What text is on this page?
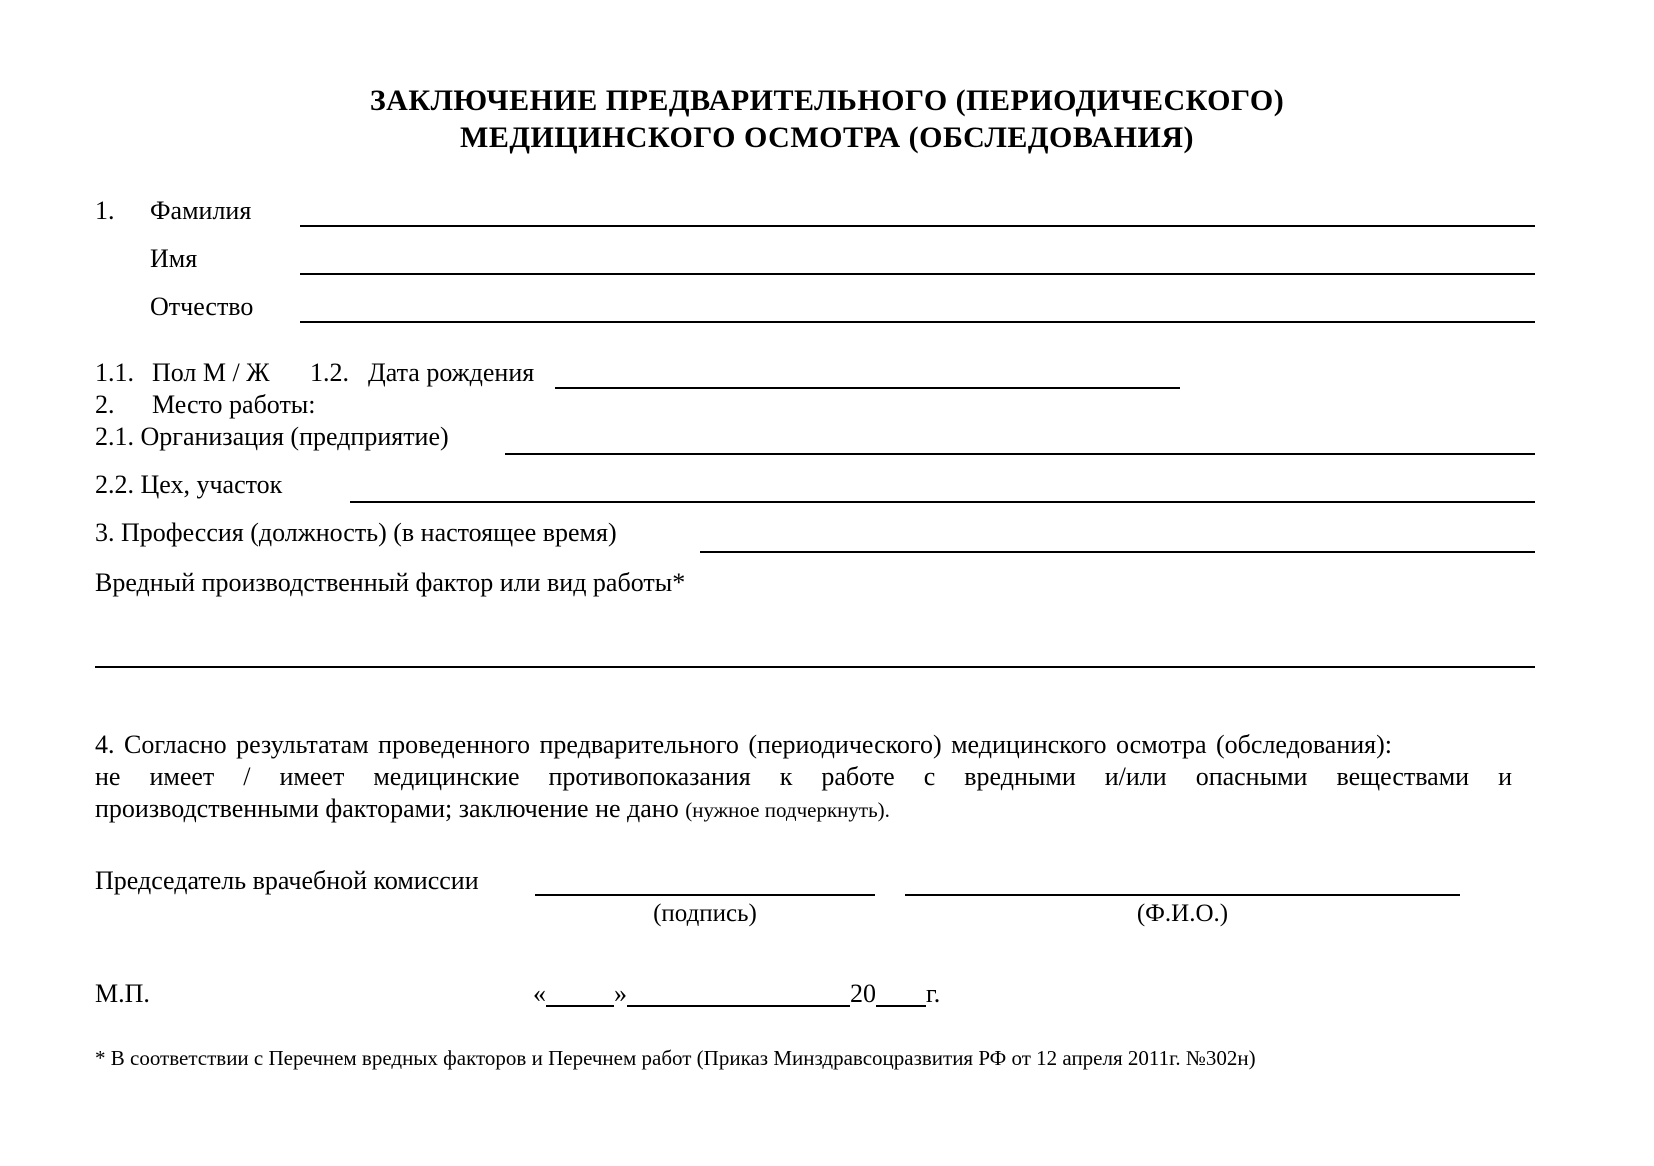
ЗАКЛЮЧЕНИЕ ПРЕДВАРИТЕЛЬНОГО (ПЕРИОДИЧЕСКОГО)
МЕДИЦИНСКОГО ОСМОТРА (ОБСЛЕДОВАНИЯ)
1. Фамилия
Имя
Отчество
1.1. Пол М / Ж 1.2. Дата рождения
2. Место работы:
2.1. Организация (предприятие)
2.2. Цех, участок
3. Профессия (должность) (в настоящее время)
Вредный производственный фактор или вид работы*
4. Согласно результатам проведенного предварительного (периодического) медицинского осмотра (обследования):
не имеет / имеет медицинские противопоказания к работе с вредными и/или опасными веществами и
производственными факторами; заключение не дано (нужное подчеркнуть).
Председатель врачебной комиссии
(подпись)	(Ф.И.О.)
М.П.	«	»	20 г.
* В соответствии с Перечнем вредных факторов и Перечнем работ (Приказ Минздравсоцразвития РФ от 12 апреля 2011г. №302н)
